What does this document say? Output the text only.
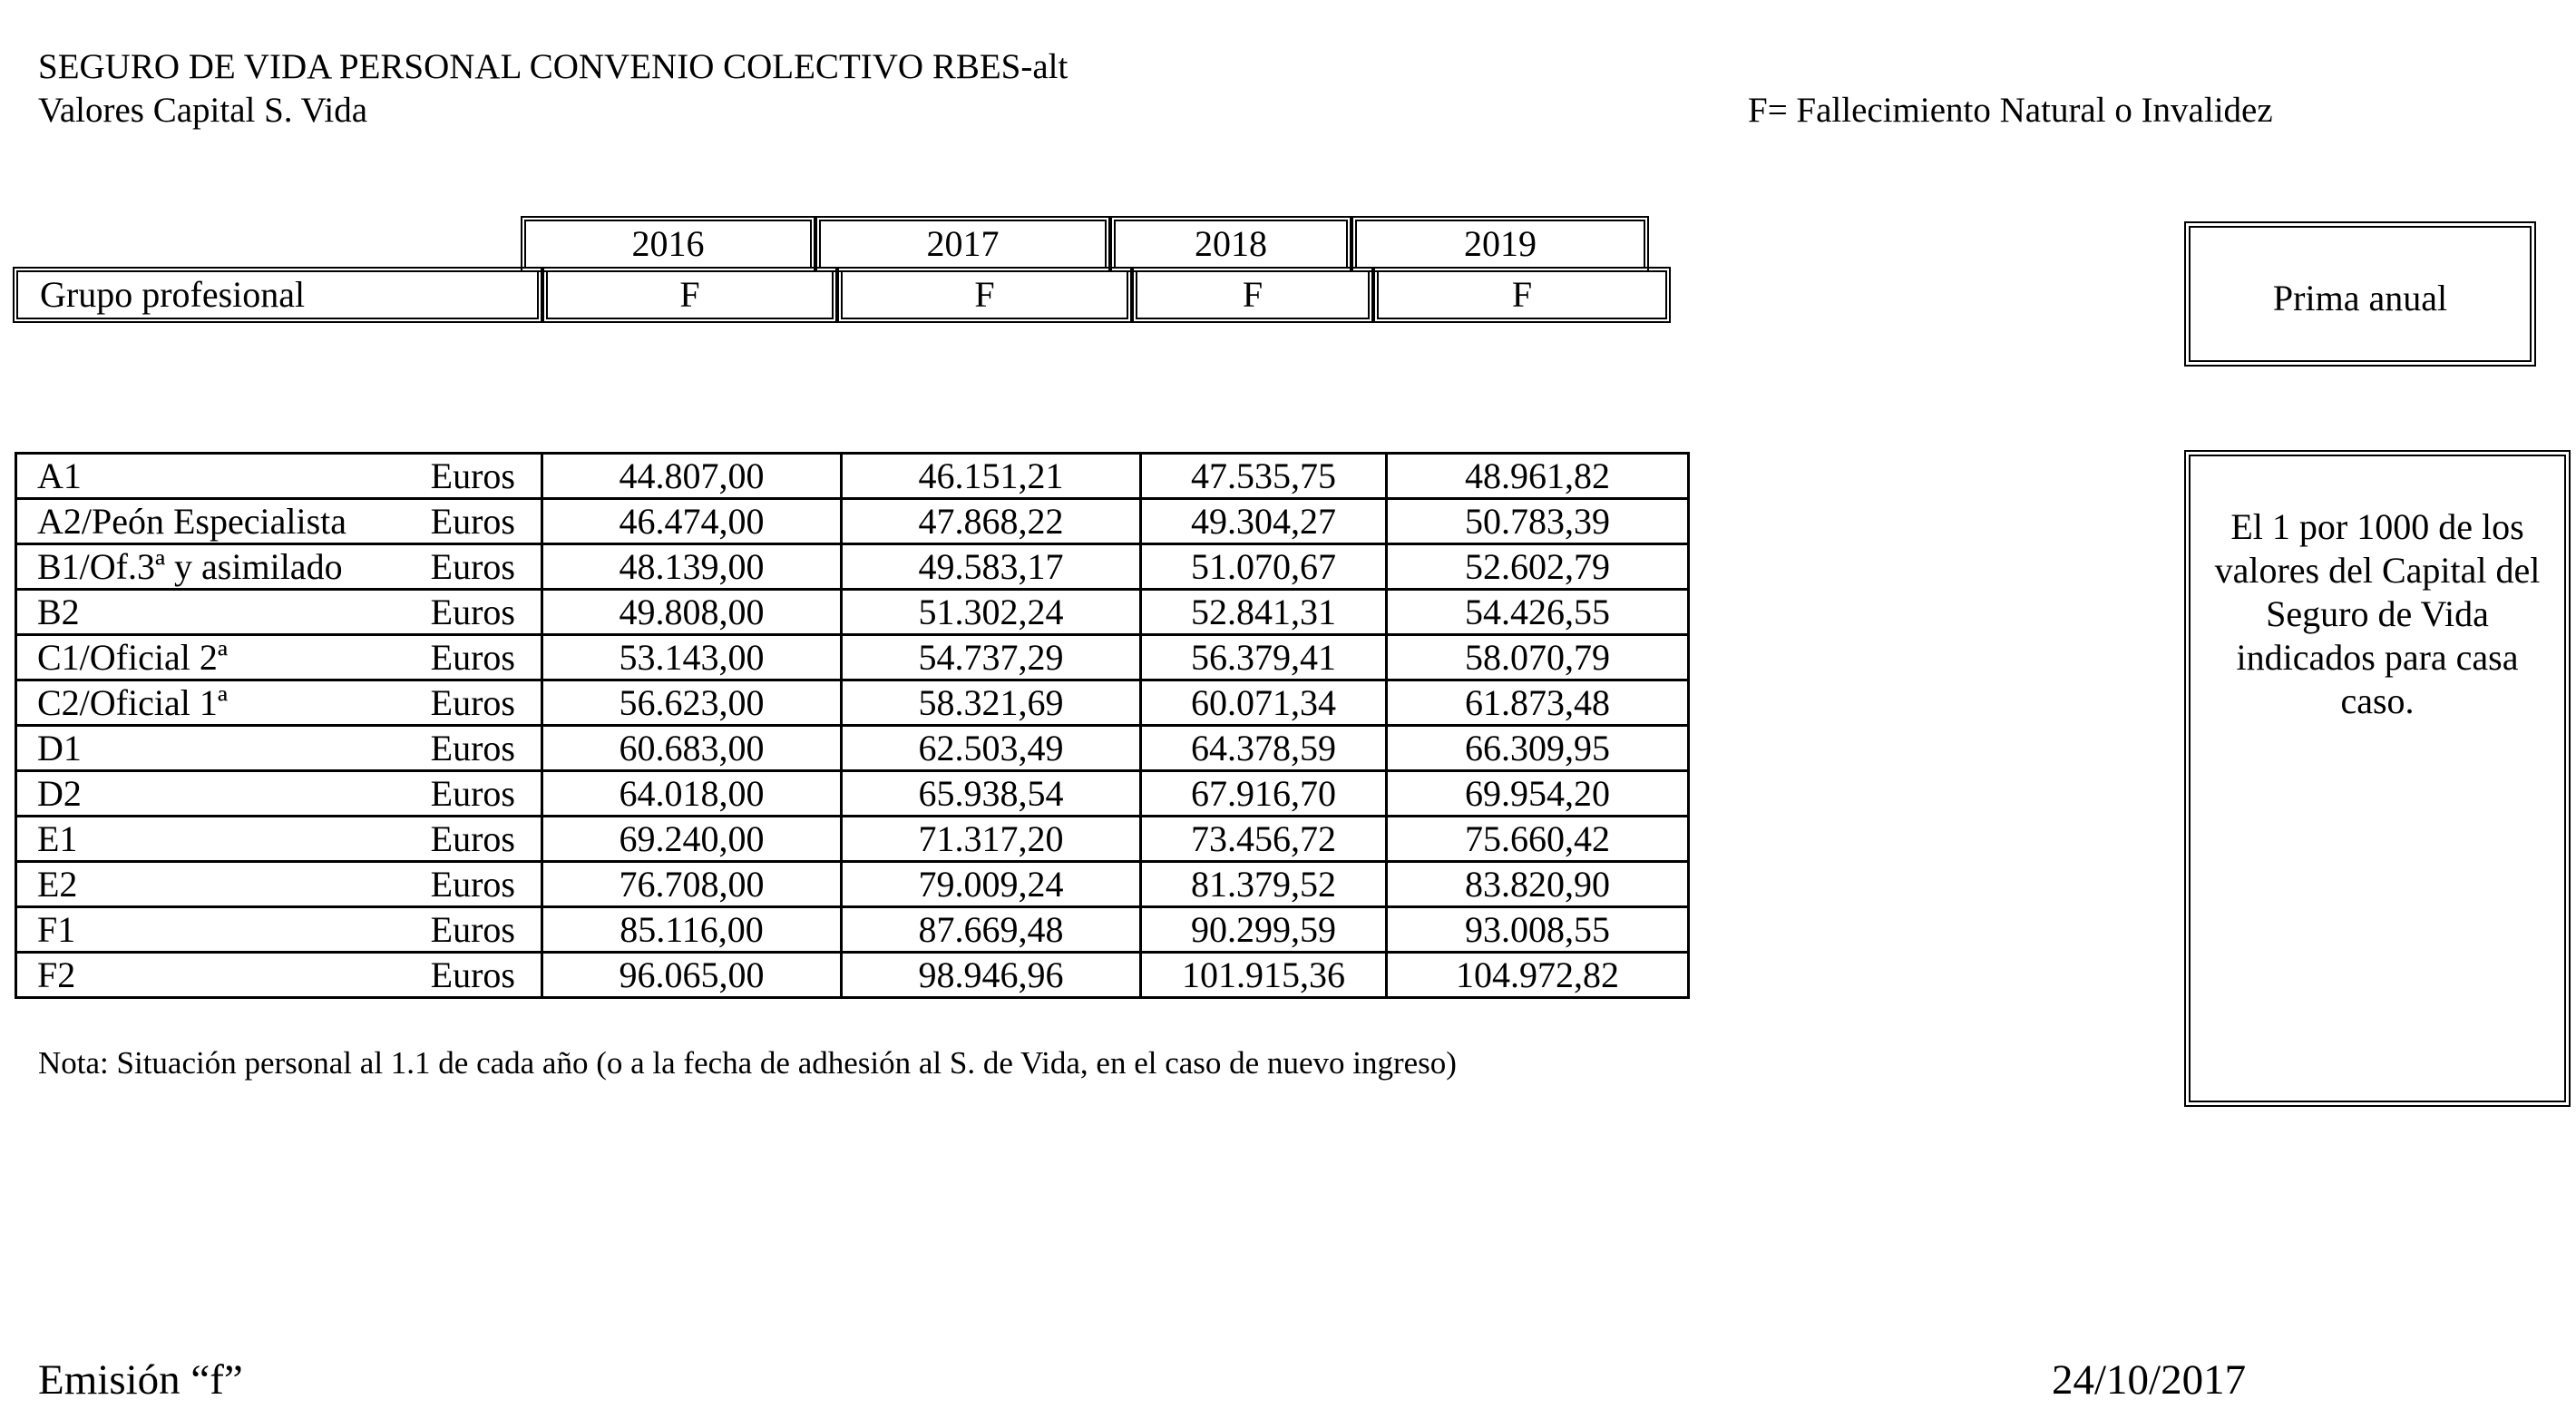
SEGURO DE VIDA PERSONAL CONVENIO COLECTIVO RBES-alt
Valores Capital S. Vida	F= Fallecimiento Natural o Invalidez
2016	2017	2018	2019
Grupo profesional	F	F	F	F
A1 Euros	44.807,00	46.151,21	47.535,75	48.961,82
A2/Peón Especialista Euros	46.474,00	47.868,22	49.304,27	50.783,39
B1/Of.3ª y asimilado Euros	48.139,00	49.583,17	51.070,67	52.602,79
B2 Euros	49.808,00	51.302,24	52.841,31	54.426,55
C1/Oficial 2ª Euros	53.143,00	54.737,29	56.379,41	58.070,79
C2/Oficial 1ª Euros	56.623,00	58.321,69	60.071,34	61.873,48
D1 Euros	60.683,00	62.503,49	64.378,59	66.309,95
D2 Euros	64.018,00	65.938,54	67.916,70	69.954,20
E1 Euros	69.240,00	71.317,20	73.456,72	75.660,42
E2 Euros	76.708,00	79.009,24	81.379,52	83.820,90
F1 Euros	85.116,00	87.669,48	90.299,59	93.008,55
F2 Euros	96.065,00	98.946,96	101.915,36	104.972,82
Nota: Situación personal al 1.1 de cada año (o a la fecha de adhesión al S. de Vida, en el caso de nuevo ingreso)
Prima anual
El 1 por 1000 de los
valores del Capital del
Seguro de Vida
indicados para casa
caso.
Emisión “f”	24/10/2017
